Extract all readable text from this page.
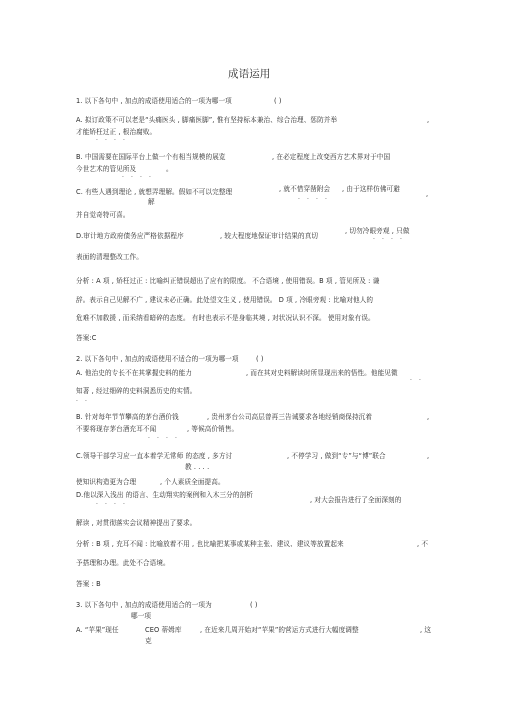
成语运用
1. 以下各句中 , 加点的成语使用适合的一项为哪一项	( )
A. 拟订政策不可以老是“头痛医头 , 脚痛医脚”, 惟有坚持标本兼治、综合治理、惩防并举	,
才能矫枉过正 , 根治腐败。
· · · ·
B. 中国需要在国际平台上做一个有相当规模的展览	, 在必定程度上改变西方艺术界对于中国
今世艺术的管见所及	。
· · · ·
C. 有些人遇到理论 , 就想弄理解。假如不可以完整理
解
, 就不惜穿凿附会 , 由于这样仿佛可避
,
· · · ·
并自觉奇特可喜。
D.审计地方政府债务应严格依据程序	, 较大程度地保证审计结果的真切
, 切勿冷眼旁观 , 只做
· · · ·
表面的清理整改工作。
分析 : A 项 , 矫枉过正 : 比喻纠正错误超出了应有的限度。 不合语境 , 使用错误。B 项 , 管见所及 : 谦
辞。表示自己见解不广 , 建议未必正确。此处望文生义 , 使用错误。 D 项 , 冷眼旁观 : 比喻对他人的
危难不加救援 , 而采纳看暗碎的态度。 有时也表示不是身临其境 , 对状况认识不深。 使用对象有误。
答案:C
2. 以下各句中 , 加点的成语使用不适合的一项为哪一项	( )
A. 他治史的专长不在其掌握史料的能力	, 而在其对史料解读时所显现出来的悟性。他能见微
. .
知著 , 经过细碎的史料洞悉历史的实情。
· ·
B. 针对每年节节攀高的茅台酒价钱	, 贵州茅台公司高层曾再三告诫要求各地经销商保持沉着	,
不要将现存茅台酒充耳不闻	, 等候高价销售。
· · · ·
C.领导干部学习应一直本着学无常师 的态度 , 多方讨
教 . . . .
, 不停学习 , 做到“专”与“博”联合	,
使知识构造更为合理	, 个人素质全面提高。
D.他以深入浅出 的语言、生动翔实的案例和入木三分的剖析
· · · ·
, 对大会报告进行了全面深刻的
解读 , 对贯彻落实会议精神提出了要求。
分析 : B 项 , 充耳不闻 : 比喻放着不用 , 也比喻把某事或某种主张、建议、建议等放置起来	, 不
予搭理和办理。此处不合语境。
答案 : B
3. 以下各句中 , 加点的成语使用适合的一项为
哪一项
( )
A. “苹果”现任	CEO 蒂姆库
克
, 在近来几周开始对“苹果”的营运方式进行大幅度调整	, 这
